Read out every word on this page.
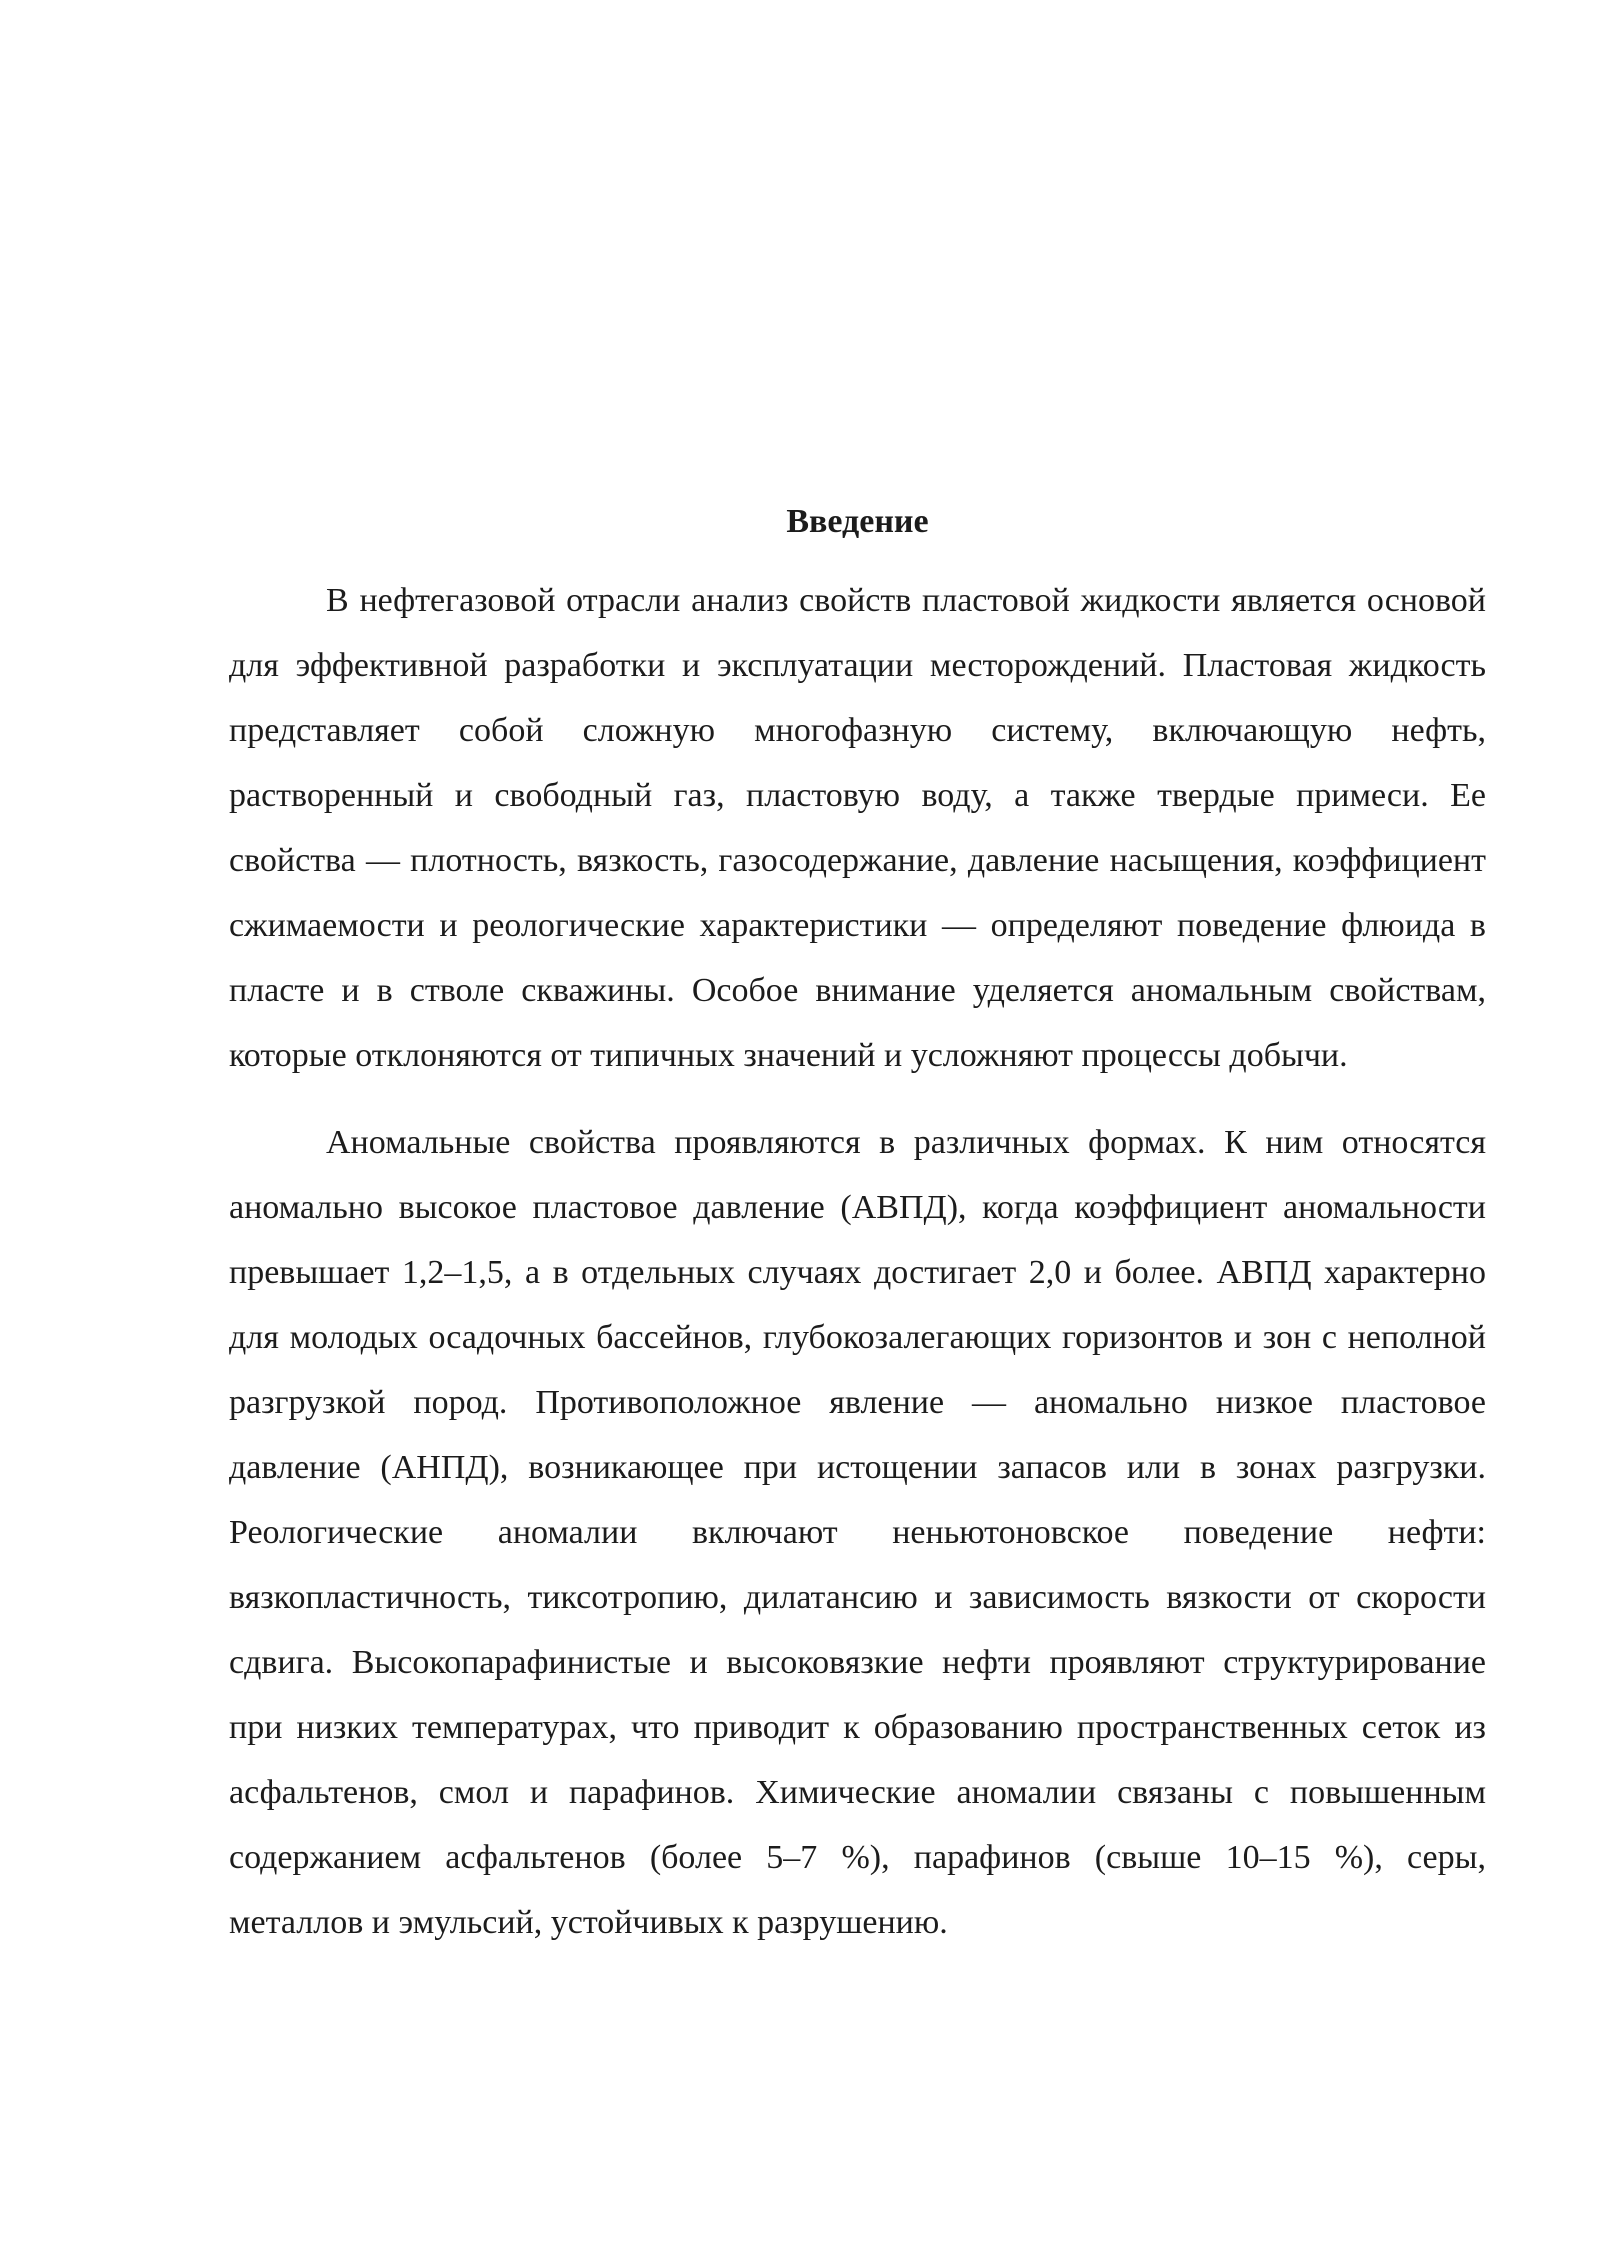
Введение

В нефтегазовой отрасли анализ свойств пластовой жидкости является основой для эффективной разработки и эксплуатации месторождений. Пластовая жидкость представляет собой сложную многофазную систему, включающую нефть, растворенный и свободный газ, пластовую воду, а также твердые примеси. Ее свойства — плотность, вязкость, газосодержание, давление насыщения, коэффициент сжимаемости и реологические характеристики — определяют поведение флюида в пласте и в стволе скважины. Особое внимание уделяется аномальным свойствам, которые отклоняются от типичных значений и усложняют процессы добычи.

Аномальные свойства проявляются в различных формах. К ним относятся аномально высокое пластовое давление (АВПД), когда коэффициент аномальности превышает 1,2–1,5, а в отдельных случаях достигает 2,0 и более. АВПД характерно для молодых осадочных бассейнов, глубокозалегающих горизонтов и зон с неполной разгрузкой пород. Противоположное явление — аномально низкое пластовое давление (АНПД), возникающее при истощении запасов или в зонах разгрузки. Реологические аномалии включают неньютоновское поведение нефти: вязкопластичность, тиксотропию, дилатансию и зависимость вязкости от скорости сдвига. Высокопарафинистые и высоковязкие нефти проявляют структурирование при низких температурах, что приводит к образованию пространственных сеток из асфальтенов, смол и парафинов. Химические аномалии связаны с повышенным содержанием асфальтенов (более 5–7 %), парафинов (свыше 10–15 %), серы, металлов и эмульсий, устойчивых к разрушению.
